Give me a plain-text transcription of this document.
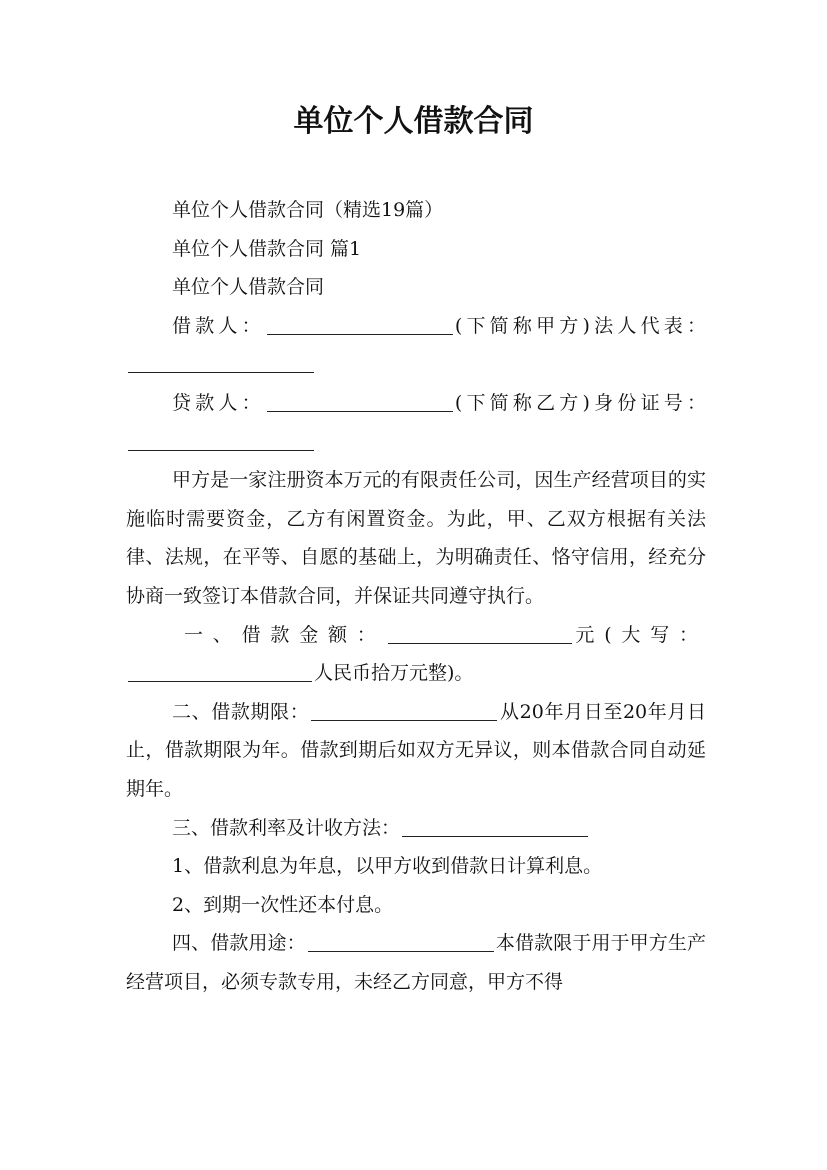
单位个人借款合同

单位个人借款合同（精选19篇）

单位个人借款合同 篇1

单位个人借款合同

借款人：	(下简称甲方)法人代表：

贷款人：	(下简称乙方)身份证号：

甲方是一家注册资本万元的有限责任公司，因生产经营项目的实施临时需要资金，乙方有闲置资金。为此，甲、乙双方根据有关法律、法规，在平等、自愿的基础上，为明确责任、恪守信用，经充分协商一致签订本借款合同，并保证共同遵守执行。

一、借款金额：	元(大写：人民币拾万元整)。

二、借款期限：	从20年月日至20年月日止，借款期限为年。借款到期后如双方无异议，则本借款合同自动延期年。

三、借款利率及计收方法：

1、借款利息为年息，以甲方收到借款日计算利息。

2、到期一次性还本付息。

四、借款用途：	本借款限于用于甲方生产经营项目，必须专款专用，未经乙方同意，甲方不得
